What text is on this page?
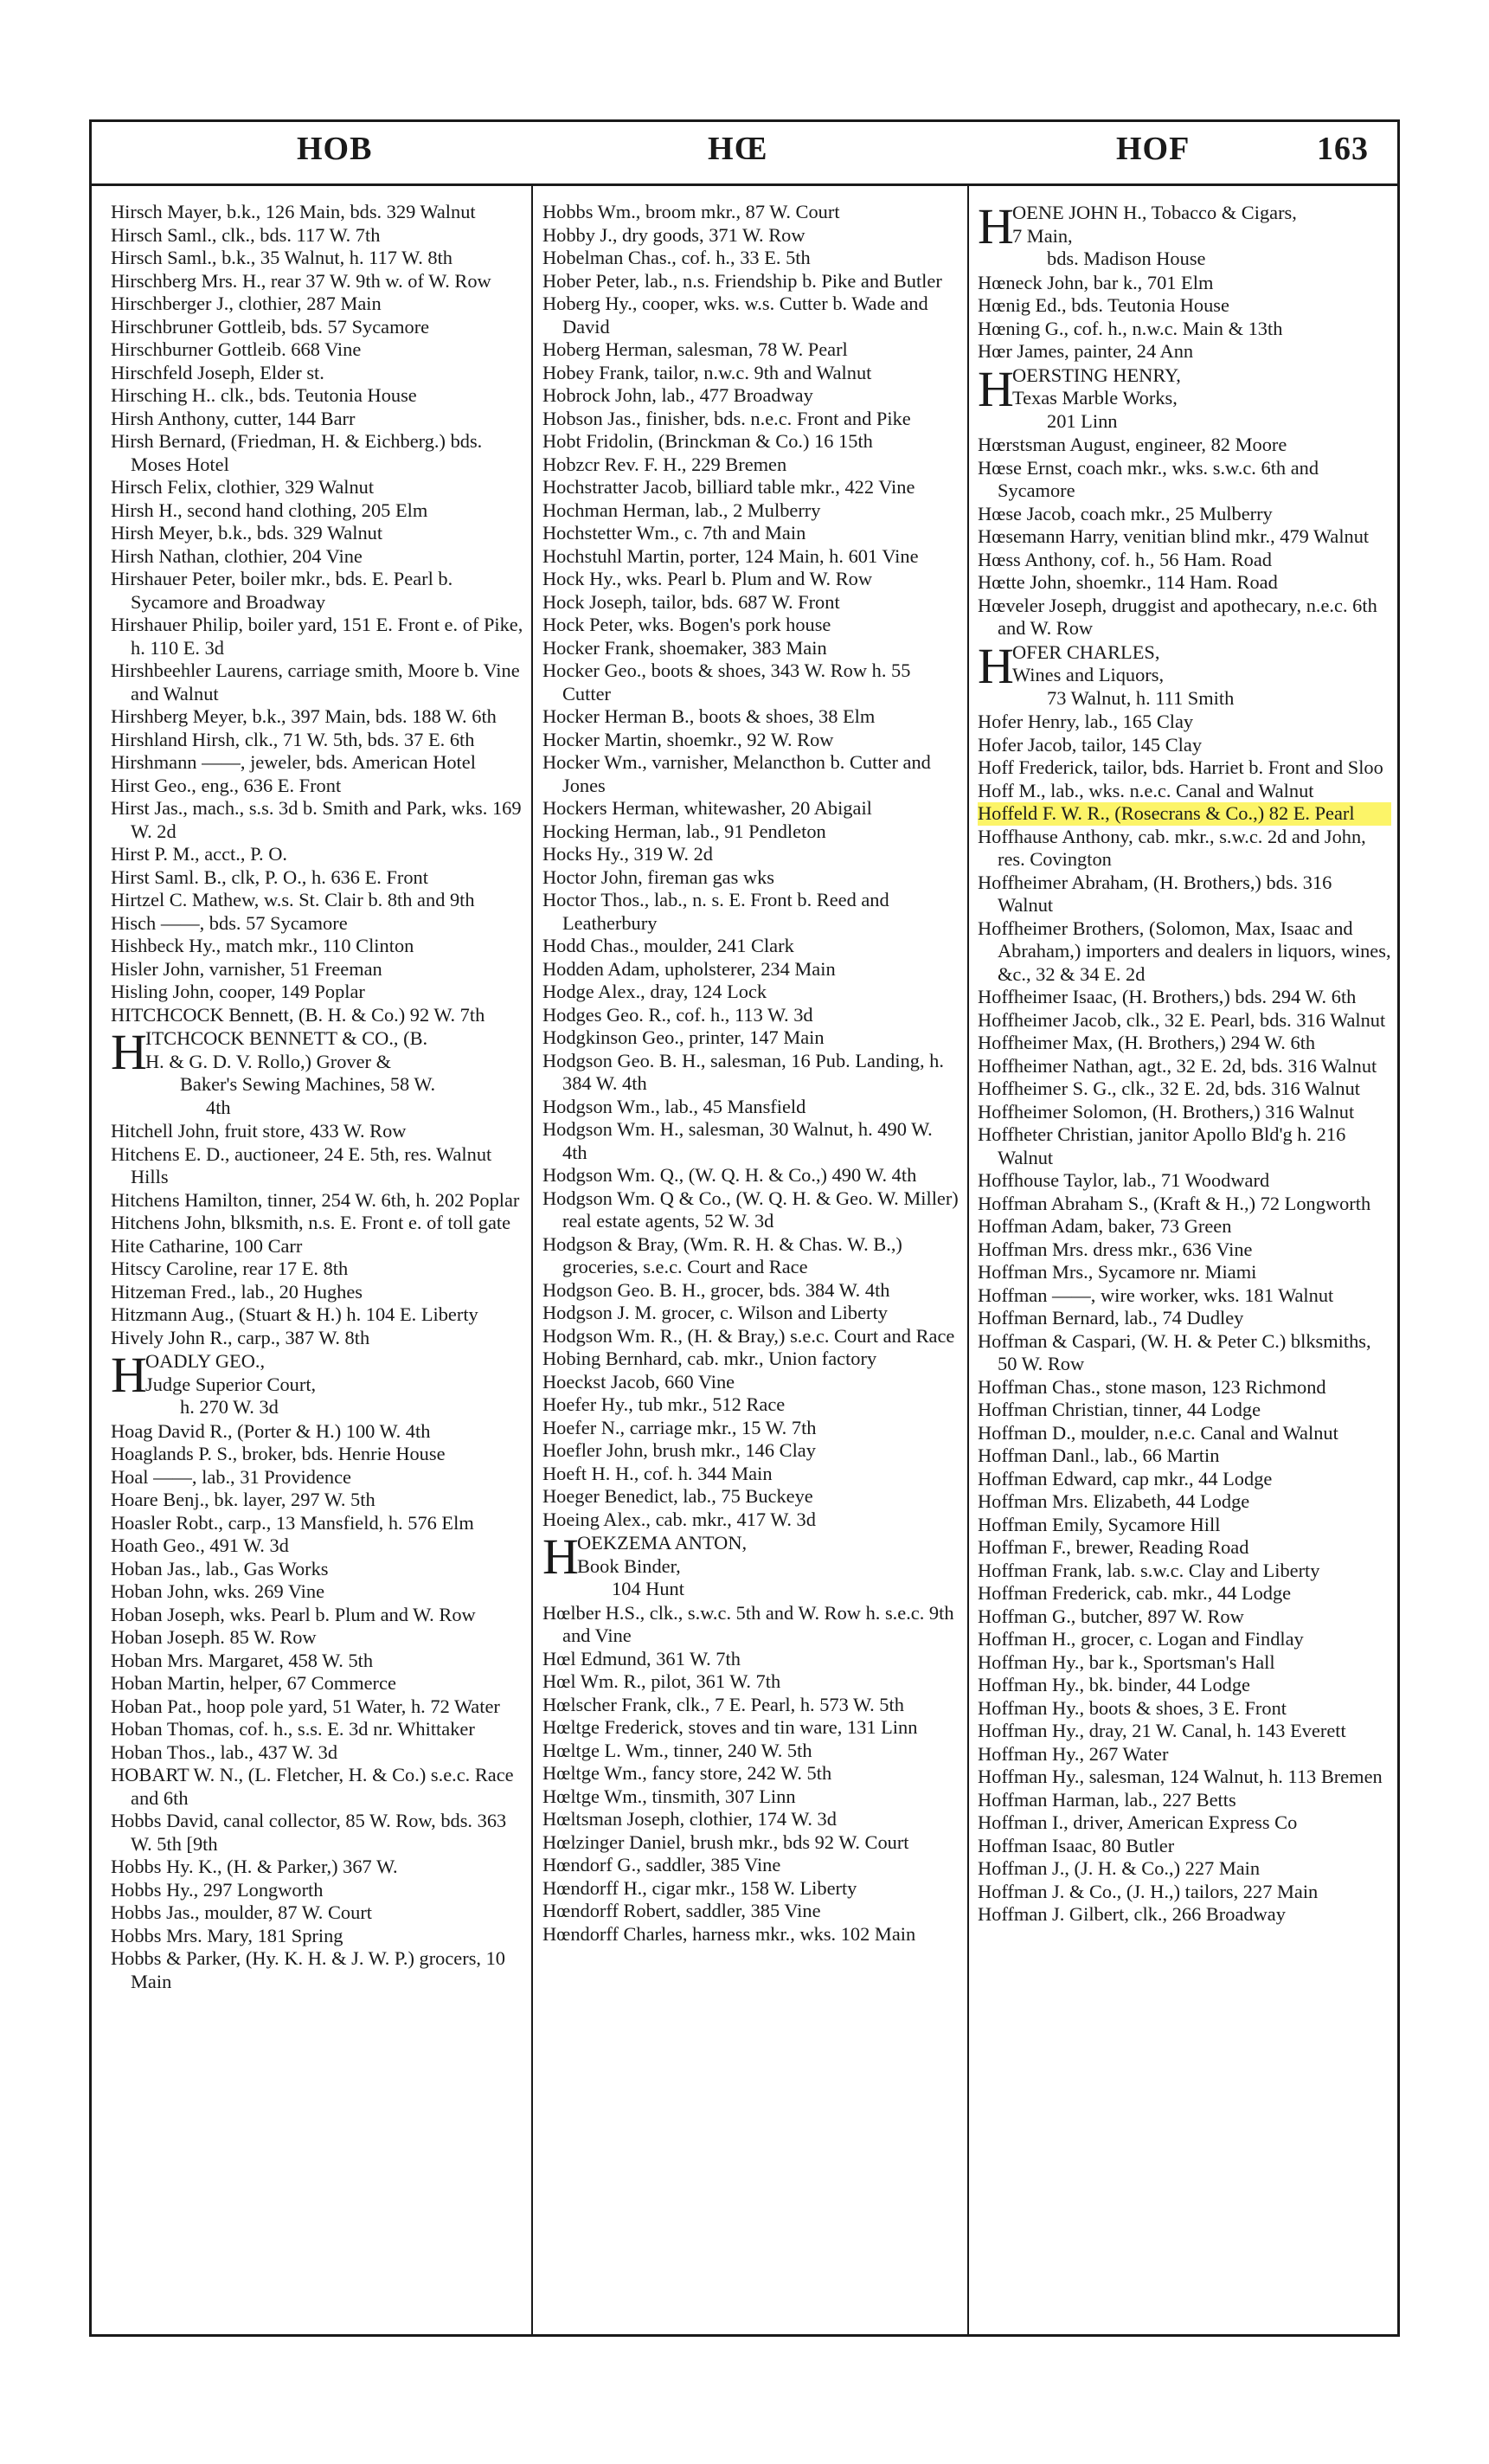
HOB	HŒ	HOF	163
Hirsch Mayer, b.k., 126 Main, bds. 329 Walnut
Hirsch Saml., clk., bds. 117 W. 7th
Hirsch Saml., b.k., 35 Walnut, h. 117 W. 8th
Hirschberg Mrs. H., rear 37 W. 9th w. of W. Row
Hirschberger J., clothier, 287 Main
Hirschbruner Gottleib, bds. 57 Sycamore
Hirschburner Gottleib. 668 Vine
Hirschfeld Joseph, Elder st.
Hirsching H.. clk., bds. Teutonia House
Hirsh Anthony, cutter, 144 Barr
Hirsh Bernard, (Friedman, H. & Eichberg.) bds. Moses Hotel
Hirsch Felix, clothier, 329 Walnut
Hirsh H., second hand clothing, 205 Elm
Hirsh Meyer, b.k., bds. 329 Walnut
Hirsh Nathan, clothier, 204 Vine
Hirshauer Peter, boiler mkr., bds. E. Pearl b. Sycamore and Broadway
Hirshauer Philip, boiler yard, 151 E. Front e. of Pike, h. 110 E. 3d
Hirshbeehler Laurens, carriage smith, Moore b. Vine and Walnut
Hirshberg Meyer, b.k., 397 Main, bds. 188 W. 6th
Hirshland Hirsh, clk., 71 W. 5th, bds. 37 E. 6th
Hirshmann ——, jeweler, bds. American Hotel
Hirst Geo., eng., 636 E. Front
Hirst Jas., mach., s.s. 3d b. Smith and Park, wks. 169 W. 2d
Hirst P. M., acct., P. O.
Hirst Saml. B., clk, P. O., h. 636 E. Front
Hirtzel C. Mathew, w.s. St. Clair b. 8th and 9th
Hisch ——, bds. 57 Sycamore
Hishbeck Hy., match mkr., 110 Clinton
Hisler John, varnisher, 51 Freeman
Hisling John, cooper, 149 Poplar
HITCHCOCK Bennett, (B. H. & Co.) 92 W. 7th
H
ITCHCOCK BENNETT & CO., (B.
H. & G. D. V. Rollo,) Grover &
Baker's Sewing Machines, 58 W.
4th
Hitchell John, fruit store, 433 W. Row
Hitchens E. D., auctioneer, 24 E. 5th, res. Walnut Hills
Hitchens Hamilton, tinner, 254 W. 6th, h. 202 Poplar
Hitchens John, blksmith, n.s. E. Front e. of toll gate
Hite Catharine, 100 Carr
Hitscy Caroline, rear 17 E. 8th
Hitzeman Fred., lab., 20 Hughes
Hitzmann Aug., (Stuart & H.) h. 104 E. Liberty
Hively John R., carp., 387 W. 8th
H
OADLY GEO.,
Judge Superior Court,
h. 270 W. 3d
Hoag David R., (Porter & H.) 100 W. 4th
Hoaglands P. S., broker, bds. Henrie House
Hoal ——, lab., 31 Providence
Hoare Benj., bk. layer, 297 W. 5th
Hoasler Robt., carp., 13 Mansfield, h. 576 Elm
Hoath Geo., 491 W. 3d
Hoban Jas., lab., Gas Works
Hoban John, wks. 269 Vine
Hoban Joseph, wks. Pearl b. Plum and W. Row
Hoban Joseph. 85 W. Row
Hoban Mrs. Margaret, 458 W. 5th
Hoban Martin, helper, 67 Commerce
Hoban Pat., hoop pole yard, 51 Water, h. 72 Water
Hoban Thomas, cof. h., s.s. E. 3d nr. Whittaker
Hoban Thos., lab., 437 W. 3d
HOBART W. N., (L. Fletcher, H. & Co.) s.e.c. Race and 6th
Hobbs David, canal collector, 85 W. Row, bds. 363 W. 5th [9th
Hobbs Hy. K., (H. & Parker,) 367 W.
Hobbs Hy., 297 Longworth
Hobbs Jas., moulder, 87 W. Court
Hobbs Mrs. Mary, 181 Spring
Hobbs & Parker, (Hy. K. H. & J. W. P.) grocers, 10 Main
Hobbs Wm., broom mkr., 87 W. Court
Hobby J., dry goods, 371 W. Row
Hobelman Chas., cof. h., 33 E. 5th
Hober Peter, lab., n.s. Friendship b. Pike and Butler
Hoberg Hy., cooper, wks. w.s. Cutter b. Wade and David
Hoberg Herman, salesman, 78 W. Pearl
Hobey Frank, tailor, n.w.c. 9th and Walnut
Hobrock John, lab., 477 Broadway
Hobson Jas., finisher, bds. n.e.c. Front and Pike
Hobt Fridolin, (Brinckman & Co.) 16 15th
Hobzcr Rev. F. H., 229 Bremen
Hochstratter Jacob, billiard table mkr., 422 Vine
Hochman Herman, lab., 2 Mulberry
Hochstetter Wm., c. 7th and Main
Hochstuhl Martin, porter, 124 Main, h. 601 Vine
Hock Hy., wks. Pearl b. Plum and W. Row
Hock Joseph, tailor, bds. 687 W. Front
Hock Peter, wks. Bogen's pork house
Hocker Frank, shoemaker, 383 Main
Hocker Geo., boots & shoes, 343 W. Row h. 55 Cutter
Hocker Herman B., boots & shoes, 38 Elm
Hocker Martin, shoemkr., 92 W. Row
Hocker Wm., varnisher, Melancthon b. Cutter and Jones
Hockers Herman, whitewasher, 20 Abigail
Hocking Herman, lab., 91 Pendleton
Hocks Hy., 319 W. 2d
Hoctor John, fireman gas wks
Hoctor Thos., lab., n. s. E. Front b. Reed and Leatherbury
Hodd Chas., moulder, 241 Clark
Hodden Adam, upholsterer, 234 Main
Hodge Alex., dray, 124 Lock
Hodges Geo. R., cof. h., 113 W. 3d
Hodgkinson Geo., printer, 147 Main
Hodgson Geo. B. H., salesman, 16 Pub. Landing, h. 384 W. 4th
Hodgson Wm., lab., 45 Mansfield
Hodgson Wm. H., salesman, 30 Walnut, h. 490 W. 4th
Hodgson Wm. Q., (W. Q. H. & Co.,) 490 W. 4th
Hodgson Wm. Q & Co., (W. Q. H. & Geo. W. Miller) real estate agents, 52 W. 3d
Hodgson & Bray, (Wm. R. H. & Chas. W. B.,) groceries, s.e.c. Court and Race
Hodgson Geo. B. H., grocer, bds. 384 W. 4th
Hodgson J. M. grocer, c. Wilson and Liberty
Hodgson Wm. R., (H. & Bray,) s.e.c. Court and Race
Hobing Bernhard, cab. mkr., Union factory
Hoeckst Jacob, 660 Vine
Hoefer Hy., tub mkr., 512 Race
Hoefer N., carriage mkr., 15 W. 7th
Hoefler John, brush mkr., 146 Clay
Hoeft H. H., cof. h. 344 Main
Hoeger Benedict, lab., 75 Buckeye
Hoeing Alex., cab. mkr., 417 W. 3d
H
OEKZEMA ANTON,
Book Binder,
104 Hunt
Hœlber H.S., clk., s.w.c. 5th and W. Row h. s.e.c. 9th and Vine
Hœl Edmund, 361 W. 7th
Hœl Wm. R., pilot, 361 W. 7th
Hœlscher Frank, clk., 7 E. Pearl, h. 573 W. 5th
Hœltge Frederick, stoves and tin ware, 131 Linn
Hœltge L. Wm., tinner, 240 W. 5th
Hœltge Wm., fancy store, 242 W. 5th
Hœltge Wm., tinsmith, 307 Linn
Hœltsman Joseph, clothier, 174 W. 3d
Hœlzinger Daniel, brush mkr., bds 92 W. Court
Hœndorf G., saddler, 385 Vine
Hœndorff H., cigar mkr., 158 W. Liberty
Hœndorff Robert, saddler, 385 Vine
Hœndorff Charles, harness mkr., wks. 102 Main
H
OENE JOHN H., Tobacco & Cigars,
7 Main,
bds. Madison House
Hœneck John, bar k., 701 Elm
Hœnig Ed., bds. Teutonia House
Hœning G., cof. h., n.w.c. Main & 13th
Hœr James, painter, 24 Ann
H
OERSTING HENRY,
Texas Marble Works,
201 Linn
Hœrstsman August, engineer, 82 Moore
Hœse Ernst, coach mkr., wks. s.w.c. 6th and Sycamore
Hœse Jacob, coach mkr., 25 Mulberry
Hœsemann Harry, venitian blind mkr., 479 Walnut
Hœss Anthony, cof. h., 56 Ham. Road
Hœtte John, shoemkr., 114 Ham. Road
Hœveler Joseph, druggist and apothecary, n.e.c. 6th and W. Row
H
OFER CHARLES,
Wines and Liquors,
73 Walnut, h. 111 Smith
Hofer Henry, lab., 165 Clay
Hofer Jacob, tailor, 145 Clay
Hoff Frederick, tailor, bds. Harriet b. Front and Sloo
Hoff M., lab., wks. n.e.c. Canal and Walnut
Hoffeld F. W. R., (Rosecrans & Co.,) 82 E. Pearl
Hoffhause Anthony, cab. mkr., s.w.c. 2d and John, res. Covington
Hoffheimer Abraham, (H. Brothers,) bds. 316 Walnut
Hoffheimer Brothers, (Solomon, Max, Isaac and Abraham,) importers and dealers in liquors, wines, &c., 32 & 34 E. 2d
Hoffheimer Isaac, (H. Brothers,) bds. 294 W. 6th
Hoffheimer Jacob, clk., 32 E. Pearl, bds. 316 Walnut
Hoffheimer Max, (H. Brothers,) 294 W. 6th
Hoffheimer Nathan, agt., 32 E. 2d, bds. 316 Walnut
Hoffheimer S. G., clk., 32 E. 2d, bds. 316 Walnut
Hoffheimer Solomon, (H. Brothers,) 316 Walnut
Hoffheter Christian, janitor Apollo Bld'g h. 216 Walnut
Hoffhouse Taylor, lab., 71 Woodward
Hoffman Abraham S., (Kraft & H.,) 72 Longworth
Hoffman Adam, baker, 73 Green
Hoffman Mrs. dress mkr., 636 Vine
Hoffman Mrs., Sycamore nr. Miami
Hoffman ——, wire worker, wks. 181 Walnut
Hoffman Bernard, lab., 74 Dudley
Hoffman & Caspari, (W. H. & Peter C.) blksmiths, 50 W. Row
Hoffman Chas., stone mason, 123 Richmond
Hoffman Christian, tinner, 44 Lodge
Hoffman D., moulder, n.e.c. Canal and Walnut
Hoffman Danl., lab., 66 Martin
Hoffman Edward, cap mkr., 44 Lodge
Hoffman Mrs. Elizabeth, 44 Lodge
Hoffman Emily, Sycamore Hill
Hoffman F., brewer, Reading Road
Hoffman Frank, lab. s.w.c. Clay and Liberty
Hoffman Frederick, cab. mkr., 44 Lodge
Hoffman G., butcher, 897 W. Row
Hoffman H., grocer, c. Logan and Findlay
Hoffman Hy., bar k., Sportsman's Hall
Hoffman Hy., bk. binder, 44 Lodge
Hoffman Hy., boots & shoes, 3 E. Front
Hoffman Hy., dray, 21 W. Canal, h. 143 Everett
Hoffman Hy., 267 Water
Hoffman Hy., salesman, 124 Walnut, h. 113 Bremen
Hoffman Harman, lab., 227 Betts
Hoffman I., driver, American Express Co
Hoffman Isaac, 80 Butler
Hoffman J., (J. H. & Co.,) 227 Main
Hoffman J. & Co., (J. H.,) tailors, 227 Main
Hoffman J. Gilbert, clk., 266 Broadway
